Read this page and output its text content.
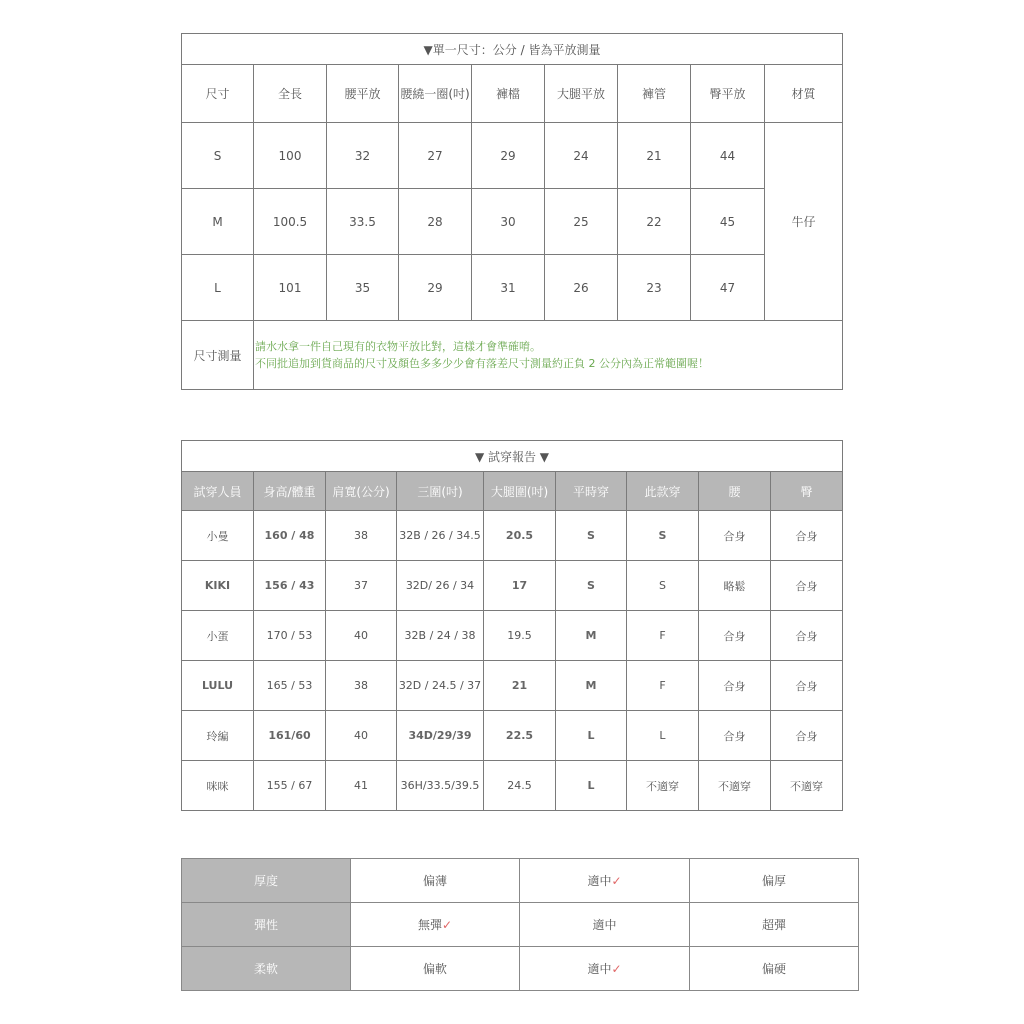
▼單一尺寸：公分 / 皆為平放測量								
尺寸	全長	腰平放	腰繞一圈(吋)	褲檔	大腿平放	褲管	臀平放	材質
S	100	32	27	29	24	21	44	牛仔
M	100.5	33.5	28	30	25	22	45	
L	101	35	29	31	26	23	47	
尺寸測量	請水水拿一件自己現有的衣物平放比對，這樣才會準確唷。
不同批追加到貨商品的尺寸及顏色多多少少會有落差尺寸測量約正負 2 公分內為正常範圍喔！							
▼ 試穿報告 ▼								
試穿人員	身高/體重	肩寬(公分)	三圍(吋)	大腿圍(吋)	平時穿	此款穿	腰	臀
小曼	160 / 48	38	32B / 26 / 34.5	20.5	S	S	合身	合身
KIKI	156 / 43	37	32D/ 26 / 34	17	S	S	略鬆	合身
小蛋	170 / 53	40	32B / 24 / 38	19.5	M	F	合身	合身
LULU	165 / 53	38	32D / 24.5 / 37	21	M	F	合身	合身
玲編	161/60	40	34D/29/39	22.5	L	L	合身	合身
咪咪	155 / 67	41	36H/33.5/39.5	24.5	L	不適穿	不適穿	不適穿
厚度	偏薄	適中✓	偏厚
彈性	無彈✓	適中	超彈
柔軟	偏軟	適中✓	偏硬
